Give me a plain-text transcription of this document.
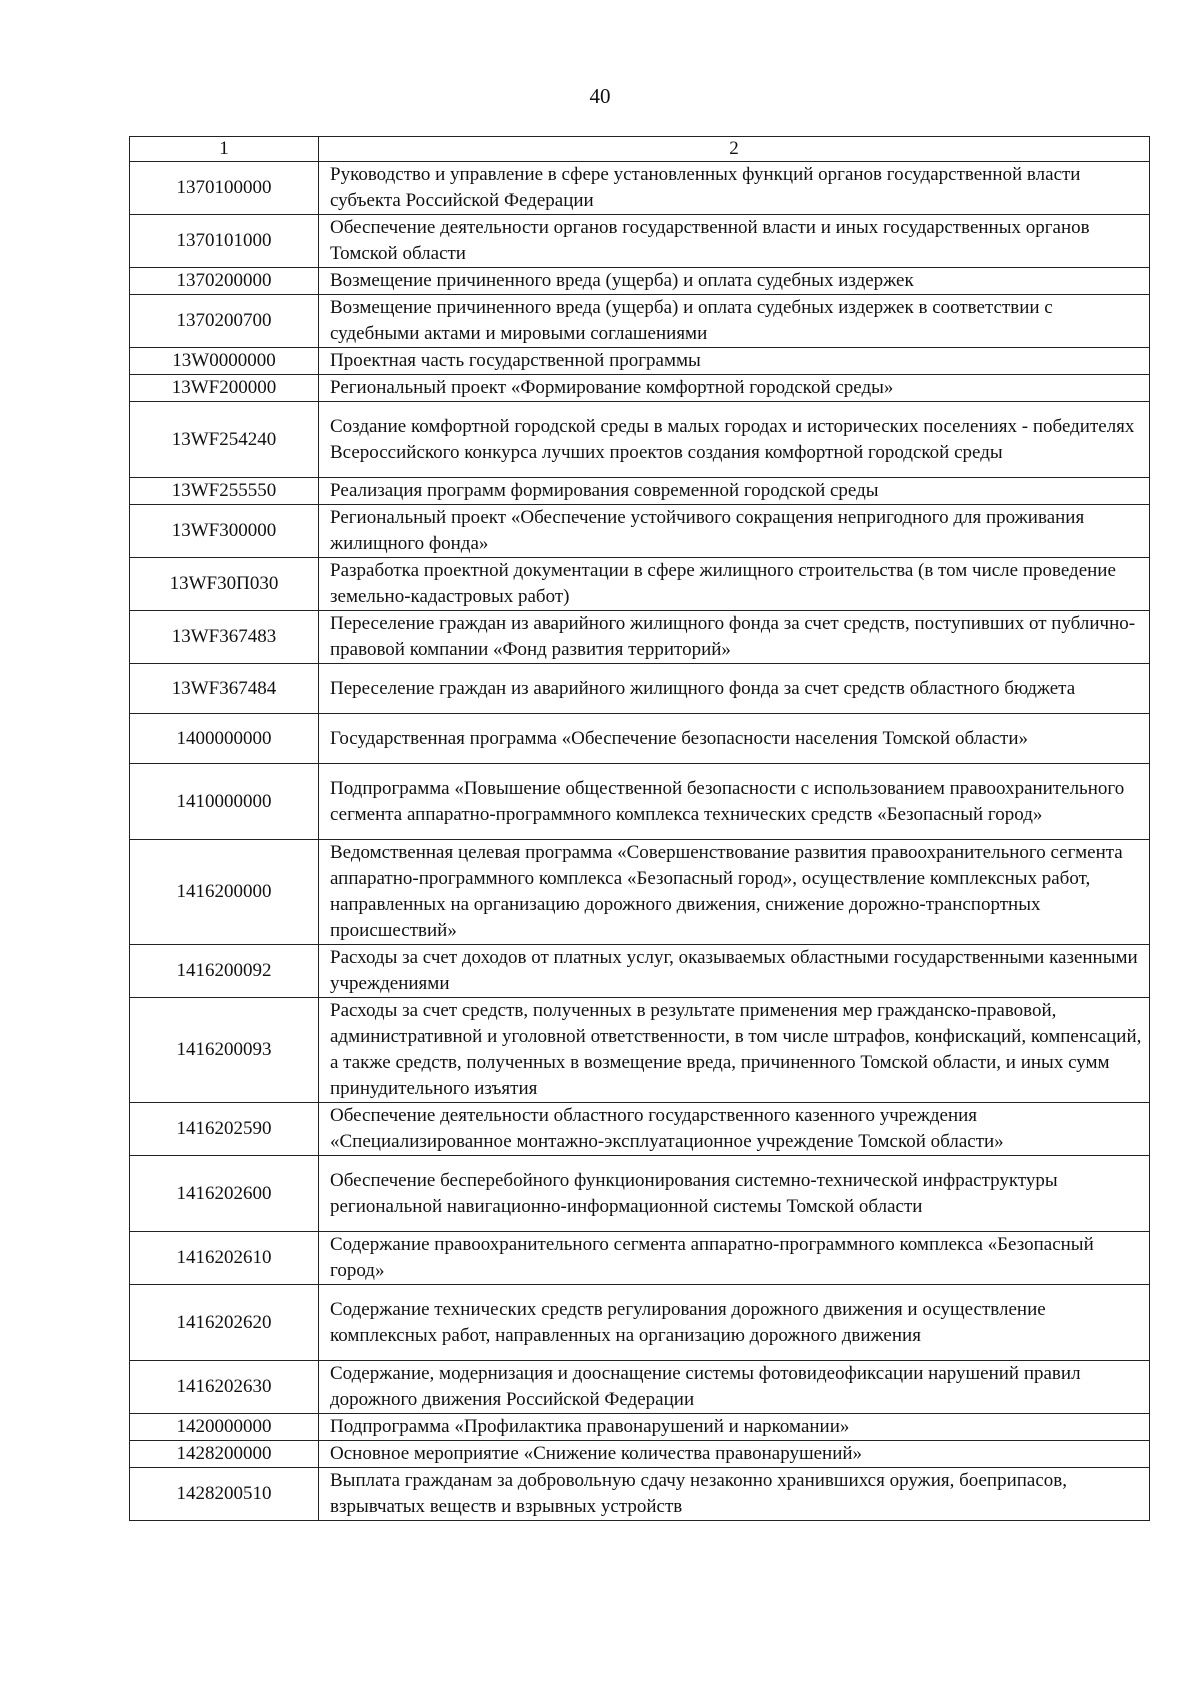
40
1	2
1370100000	Руководство и управление в сфере установленных функций органов государственной власти субъекта Российской Федерации
1370101000	Обеспечение деятельности органов государственной власти и иных государственных органов Томской области
1370200000	Возмещение причиненного вреда (ущерба) и оплата судебных издержек
1370200700	Возмещение причиненного вреда (ущерба) и оплата судебных издержек в соответствии с судебными актами и мировыми соглашениями
13W0000000	Проектная часть государственной программы
13WF200000	Региональный проект «Формирование комфортной городской среды»
13WF254240	Создание комфортной городской среды в малых городах и исторических поселениях - победителях Всероссийского конкурса лучших проектов создания комфортной городской среды
13WF255550	Реализация программ формирования современной городской среды
13WF300000	Региональный проект «Обеспечение устойчивого сокращения непригодного для проживания жилищного фонда»
13WF30П030	Разработка проектной документации в сфере жилищного строительства (в том числе проведение земельно-кадастровых работ)
13WF367483	Переселение граждан из аварийного жилищного фонда за счет средств, поступивших от публично-правовой компании «Фонд развития территорий»
13WF367484	Переселение граждан из аварийного жилищного фонда за счет средств областного бюджета
1400000000	Государственная программа «Обеспечение безопасности населения Томской области»
1410000000	Подпрограмма «Повышение общественной безопасности с использованием правоохранительного сегмента аппаратно-программного комплекса технических средств «Безопасный город»
1416200000	Ведомственная целевая программа «Совершенствование развития правоохранительного сегмента аппаратно-программного комплекса «Безопасный город», осуществление комплексных работ, направленных на организацию дорожного движения, снижение дорожно-транспортных происшествий»
1416200092	Расходы за счет доходов от платных услуг, оказываемых областными государственными казенными учреждениями
1416200093	Расходы за счет средств, полученных в результате применения мер гражданско-правовой, административной и уголовной ответственности, в том числе штрафов, конфискаций, компенсаций, а также средств, полученных в возмещение вреда, причиненного Томской области, и иных сумм принудительного изъятия
1416202590	Обеспечение деятельности областного государственного казенного учреждения «Специализированное монтажно-эксплуатационное учреждение Томской области»
1416202600	Обеспечение бесперебойного функционирования системно-технической инфраструктуры региональной навигационно-информационной системы Томской области
1416202610	Содержание правоохранительного сегмента аппаратно-программного комплекса «Безопасный город»
1416202620	Содержание технических средств регулирования дорожного движения и осуществление комплексных работ, направленных на организацию дорожного движения
1416202630	Содержание, модернизация и дооснащение системы фотовидеофиксации нарушений правил дорожного движения Российской Федерации
1420000000	Подпрограмма «Профилактика правонарушений и наркомании»
1428200000	Основное мероприятие «Снижение количества правонарушений»
1428200510	Выплата гражданам за добровольную сдачу незаконно хранившихся оружия, боеприпасов, взрывчатых веществ и взрывных устройств
